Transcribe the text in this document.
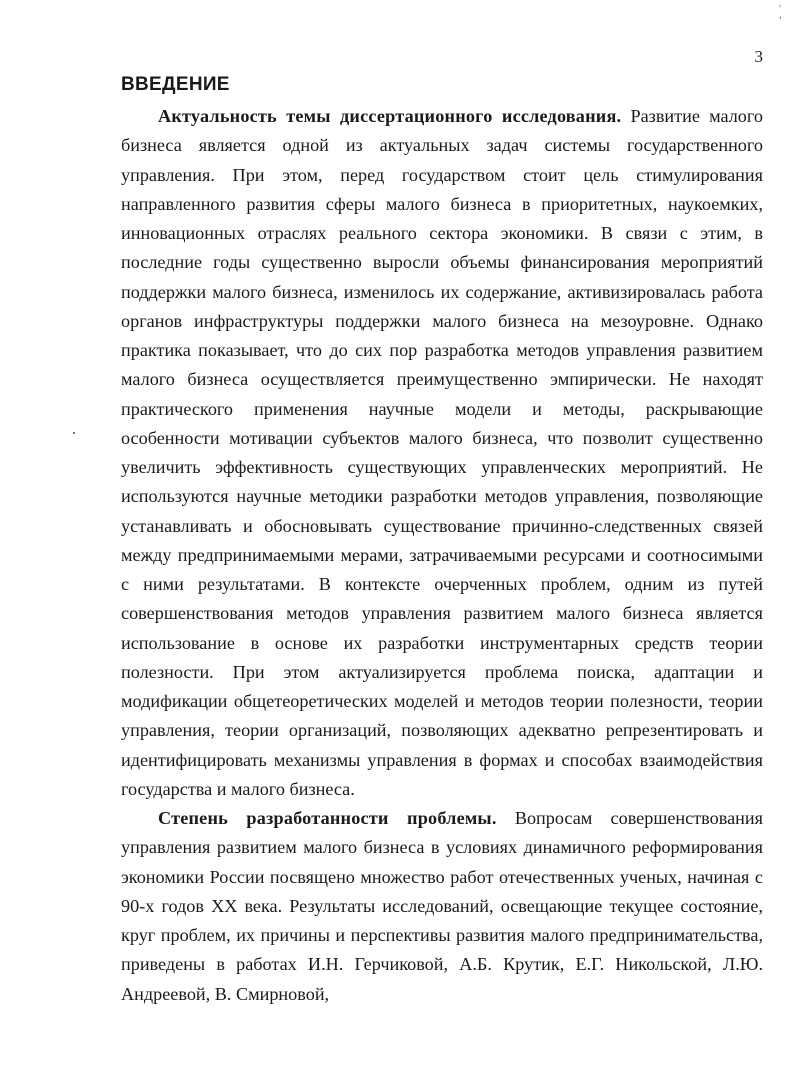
` ˎ
3
ВВЕДЕНИЕ

Актуальность темы диссертационного исследования. Развитие малого бизнеса является одной из актуальных задач системы государственного управления. При этом, перед государством стоит цель стимулирования направленного развития сферы малого бизнеса в приоритетных, наукоемких, инновационных отраслях реального сектора экономики. В связи с этим, в последние годы существенно выросли объемы финансирования мероприятий поддержки малого бизнеса, изменилось их содержание, активизировалась работа органов инфраструктуры поддержки малого бизнеса на мезоуровне. Однако практика показывает, что до сих пор разработка методов управления развитием малого бизнеса осуществляется преимущественно эмпирически. Не находят практического применения научные модели и методы, раскрывающие особенности мотивации субъектов малого бизнеса, что позволит существенно увеличить эффективность существующих управленческих мероприятий. Не используются научные методики разработки методов управления, позволяющие устанавливать и обосновывать существование причинно-следственных связей между предпринимаемыми мерами, затрачиваемыми ресурсами и соотносимыми с ними результатами. В контексте очерченных проблем, одним из путей совершенствования методов управления развитием малого бизнеса является использование в основе их разработки инструментарных средств теории полезности. При этом актуализируется проблема поиска, адаптации и модификации общетеоретических моделей и методов теории полезности, теории управления, теории организаций, позволяющих адекватно репрезентировать и идентифицировать механизмы управления в формах и способах взаимодействия государства и малого бизнеса.

Степень разработанности проблемы. Вопросам совершенствования управления развитием малого бизнеса в условиях динамичного реформирования экономики России посвящено множество работ отечественных ученых, начиная с 90-х годов XX века. Результаты исследований, освещающие текущее состояние, круг проблем, их причины и перспективы развития малого предпринимательства, приведены в работах И.Н. Герчиковой, А.Б. Крутик, Е.Г. Никольской, Л.Ю. Андреевой, В. Смирновой,
